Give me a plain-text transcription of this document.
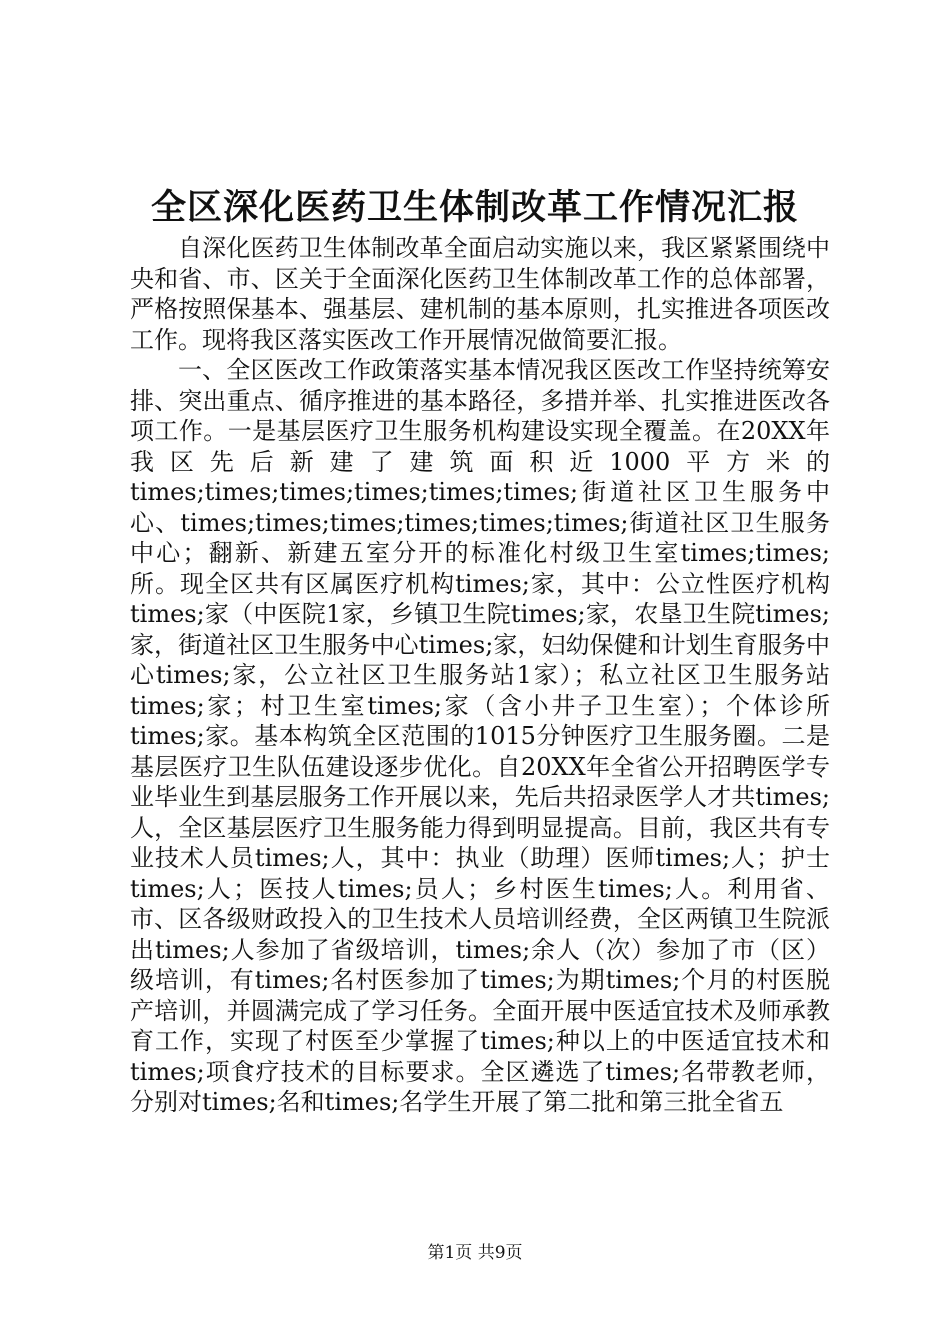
全区深化医药卫生体制改革工作情况汇报

自深化医药卫生体制改革全面启动实施以来，我区紧紧围绕中央和省、市、区关于全面深化医药卫生体制改革工作的总体部署，严格按照保基本、强基层、建机制的基本原则，扎实推进各项医改工作。现将我区落实医改工作开展情况做简要汇报。

一、全区医改工作政策落实基本情况我区医改工作坚持统筹安排、突出重点、循序推进的基本路径，多措并举、扎实推进医改各项工作。一是基层医疗卫生服务机构建设实现全覆盖。在20XX年我区先后新建了建筑面积近1000平方米的times;times;times;times;times;times;街道社区卫生服务中心、times;times;times;times;times;times;街道社区卫生服务中心；翻新、新建五室分开的标准化村级卫生室times;times;所。现全区共有区属医疗机构times;家，其中：公立性医疗机构times;家（中医院1家，乡镇卫生院times;家，农垦卫生院times;家，街道社区卫生服务中心times;家，妇幼保健和计划生育服务中心times;家，公立社区卫生服务站1家）；私立社区卫生服务站times;家；村卫生室times;家（含小井子卫生室）；个体诊所times;家。基本构筑全区范围的1015分钟医疗卫生服务圈。二是基层医疗卫生队伍建设逐步优化。自20XX年全省公开招聘医学专业毕业生到基层服务工作开展以来，先后共招录医学人才共times;人，全区基层医疗卫生服务能力得到明显提高。目前，我区共有专业技术人员times;人，其中：执业（助理）医师times;人；护士times;人；医技人times;员人；乡村医生times;人。利用省、市、区各级财政投入的卫生技术人员培训经费，全区两镇卫生院派出times;人参加了省级培训，times;余人（次）参加了市（区）级培训，有times;名村医参加了times;为期times;个月的村医脱产培训，并圆满完成了学习任务。全面开展中医适宜技术及师承教育工作，实现了村医至少掌握了times;种以上的中医适宜技术和times;项食疗技术的目标要求。全区遴选了times;名带教老师，分别对times;名和times;名学生开展了第二批和第三批全省五

第1页 共9页
